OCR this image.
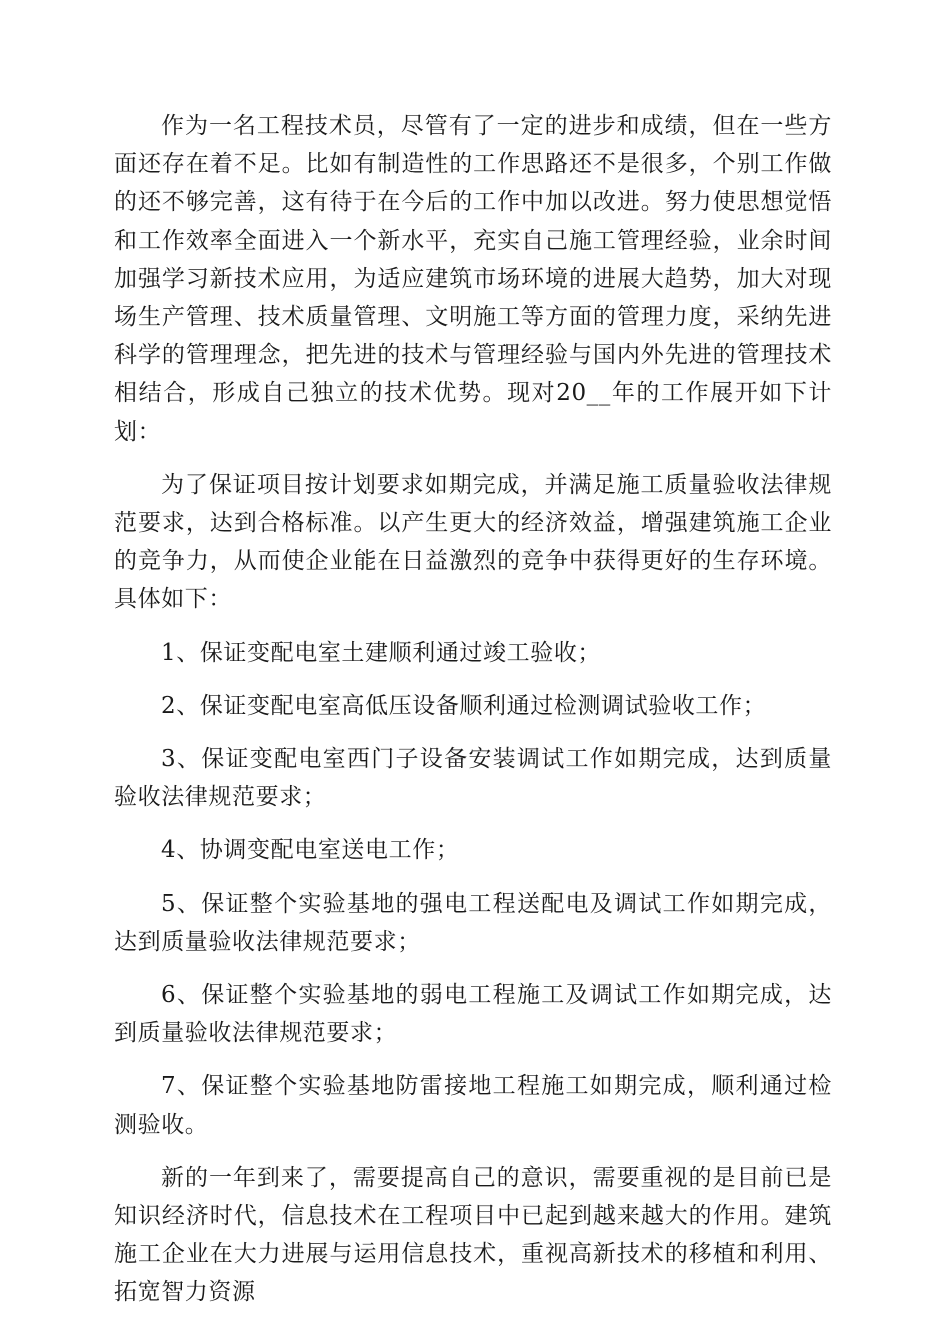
作为一名工程技术员，尽管有了一定的进步和成绩，但在一些方面还存在着不足。比如有制造性的工作思路还不是很多，个别工作做的还不够完善，这有待于在今后的工作中加以改进。努力使思想觉悟和工作效率全面进入一个新水平，充实自己施工管理经验，业余时间加强学习新技术应用，为适应建筑市场环境的进展大趋势，加大对现场生产管理、技术质量管理、文明施工等方面的管理力度，采纳先进科学的管理理念，把先进的技术与管理经验与国内外先进的管理技术相结合，形成自己独立的技术优势。现对20__年的工作展开如下计划：

为了保证项目按计划要求如期完成，并满足施工质量验收法律规范要求，达到合格标准。以产生更大的经济效益，增强建筑施工企业的竞争力，从而使企业能在日益激烈的竞争中获得更好的生存环境。具体如下：

1、保证变配电室土建顺利通过竣工验收；

2、保证变配电室高低压设备顺利通过检测调试验收工作；

3、保证变配电室西门子设备安装调试工作如期完成，达到质量验收法律规范要求；

4、协调变配电室送电工作；

5、保证整个实验基地的强电工程送配电及调试工作如期完成，达到质量验收法律规范要求；

6、保证整个实验基地的弱电工程施工及调试工作如期完成，达到质量验收法律规范要求；

7、保证整个实验基地防雷接地工程施工如期完成，顺利通过检测验收。

新的一年到来了，需要提高自己的意识，需要重视的是目前已是知识经济时代，信息技术在工程项目中已起到越来越大的作用。建筑施工企业在大力进展与运用信息技术，重视高新技术的移植和利用、拓宽智力资源
